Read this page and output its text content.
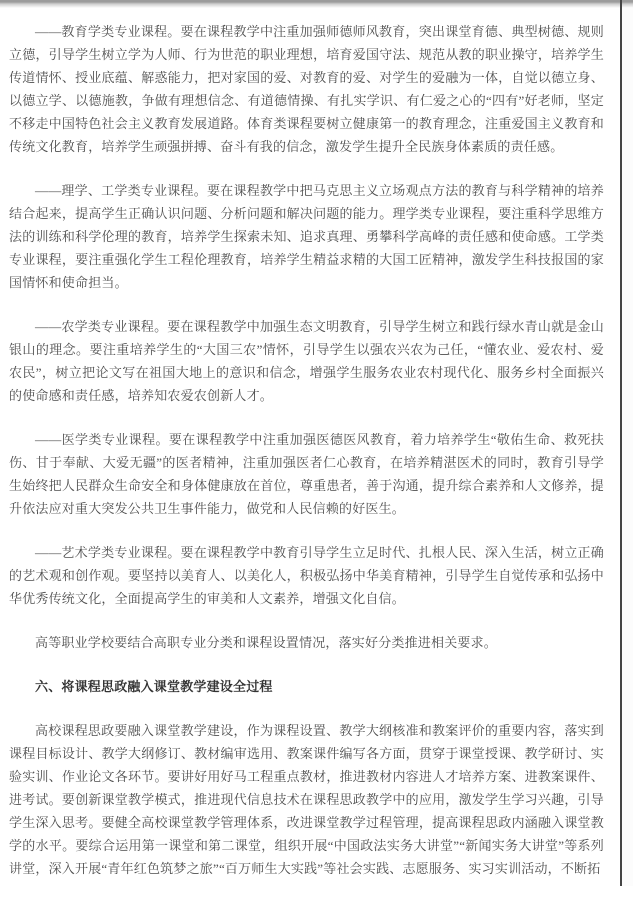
——教育学类专业课程。要在课程教学中注重加强师德师风教育，突出课堂育德、典型树德、规则立德，引导学生树立学为人师、行为世范的职业理想，培育爱国守法、规范从教的职业操守，培养学生传道情怀、授业底蕴、解惑能力，把对家国的爱、对教育的爱、对学生的爱融为一体，自觉以德立身、以德立学、以德施教，争做有理想信念、有道德情操、有扎实学识、有仁爱之心的“四有”好老师，坚定不移走中国特色社会主义教育发展道路。体育类课程要树立健康第一的教育理念，注重爱国主义教育和传统文化教育，培养学生顽强拼搏、奋斗有我的信念，激发学生提升全民族身体素质的责任感。

——理学、工学类专业课程。要在课程教学中把马克思主义立场观点方法的教育与科学精神的培养结合起来，提高学生正确认识问题、分析问题和解决问题的能力。理学类专业课程，要注重科学思维方法的训练和科学伦理的教育，培养学生探索未知、追求真理、勇攀科学高峰的责任感和使命感。工学类专业课程，要注重强化学生工程伦理教育，培养学生精益求精的大国工匠精神，激发学生科技报国的家国情怀和使命担当。

——农学类专业课程。要在课程教学中加强生态文明教育，引导学生树立和践行绿水青山就是金山银山的理念。要注重培养学生的“大国三农”情怀，引导学生以强农兴农为己任，“懂农业、爱农村、爱农民”，树立把论文写在祖国大地上的意识和信念，增强学生服务农业农村现代化、服务乡村全面振兴的使命感和责任感，培养知农爱农创新人才。

——医学类专业课程。要在课程教学中注重加强医德医风教育，着力培养学生“敬佑生命、救死扶伤、甘于奉献、大爱无疆”的医者精神，注重加强医者仁心教育，在培养精湛医术的同时，教育引导学生始终把人民群众生命安全和身体健康放在首位，尊重患者，善于沟通，提升综合素养和人文修养，提升依法应对重大突发公共卫生事件能力，做党和人民信赖的好医生。

——艺术学类专业课程。要在课程教学中教育引导学生立足时代、扎根人民、深入生活，树立正确的艺术观和创作观。要坚持以美育人、以美化人，积极弘扬中华美育精神，引导学生自觉传承和弘扬中华优秀传统文化，全面提高学生的审美和人文素养，增强文化自信。

高等职业学校要结合高职专业分类和课程设置情况，落实好分类推进相关要求。

六、将课程思政融入课堂教学建设全过程

高校课程思政要融入课堂教学建设，作为课程设置、教学大纲核准和教案评价的重要内容，落实到课程目标设计、教学大纲修订、教材编审选用、教案课件编写各方面，贯穿于课堂授课、教学研讨、实验实训、作业论文各环节。要讲好用好马工程重点教材，推进教材内容进人才培养方案、进教案课件、进考试。要创新课堂教学模式，推进现代信息技术在课程思政教学中的应用，激发学生学习兴趣，引导学生深入思考。要健全高校课堂教学管理体系，改进课堂教学过程管理，提高课程思政内涵融入课堂教学的水平。要综合运用第一课堂和第二课堂，组织开展“中国政法实务大讲堂”“新闻实务大讲堂”等系列讲堂，深入开展“青年红色筑梦之旅”“百万师生大实践”等社会实践、志愿服务、实习实训活动，不断拓
